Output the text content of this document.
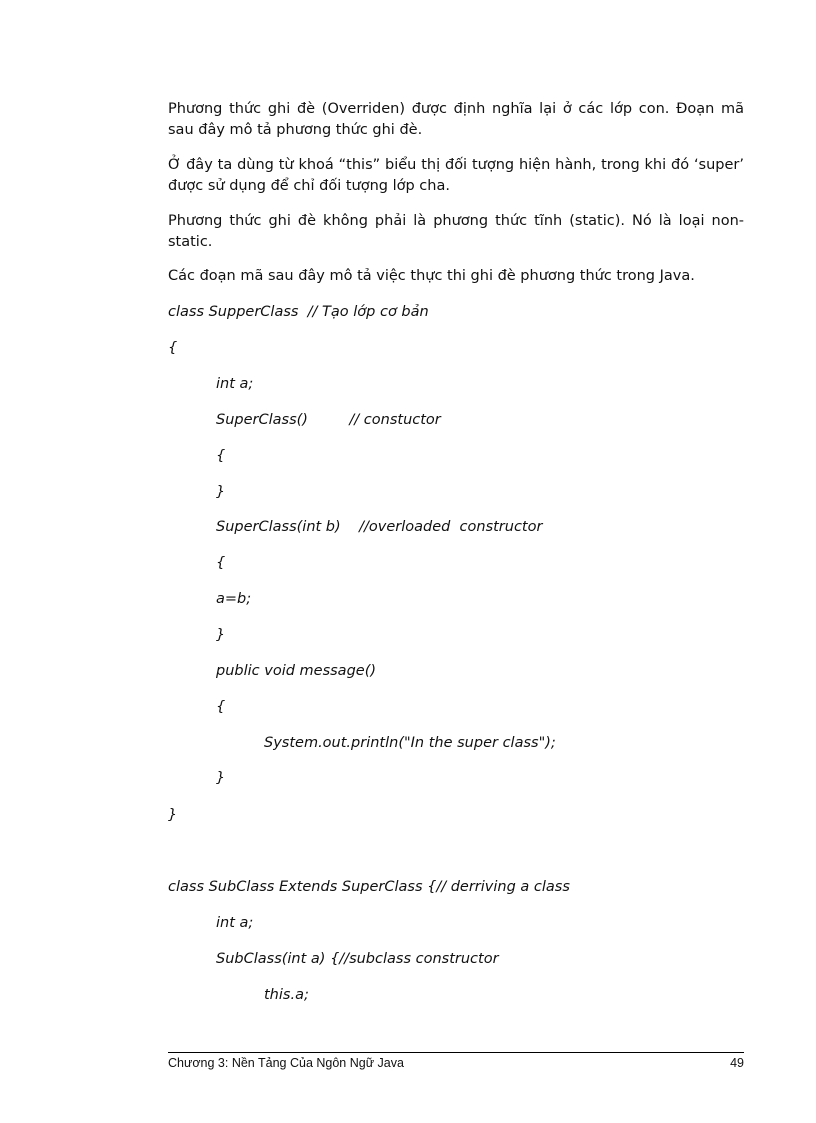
Phương thức ghi đè (Overriden) được định nghĩa lại ở các lớp con. Đoạn mã sau đây mô tả phương thức ghi đè.

Ở đây ta dùng từ khoá “this” biểu thị đối tượng hiện hành, trong khi đó ‘super’ được sử dụng để chỉ đối tượng lớp cha.

Phương thức ghi đè không phải là phương thức tĩnh (static). Nó là loại non-static.

Các đoạn mã sau đây mô tả việc thực thi ghi đè phương thức trong Java.

class SupperClass  // Tạo lớp cơ bản

{

int a;

SuperClass()         // constuctor

{

}

SuperClass(int b)    //overloaded  constructor

{

a=b;

}

public void message()

{

System.out.println("In the super class");

}

}

class SubClass Extends SuperClass {// derriving a class

int a;

SubClass(int a) {//subclass constructor

this.a;

Chương 3: Nền Tảng Của Ngôn Ngữ Java	49
